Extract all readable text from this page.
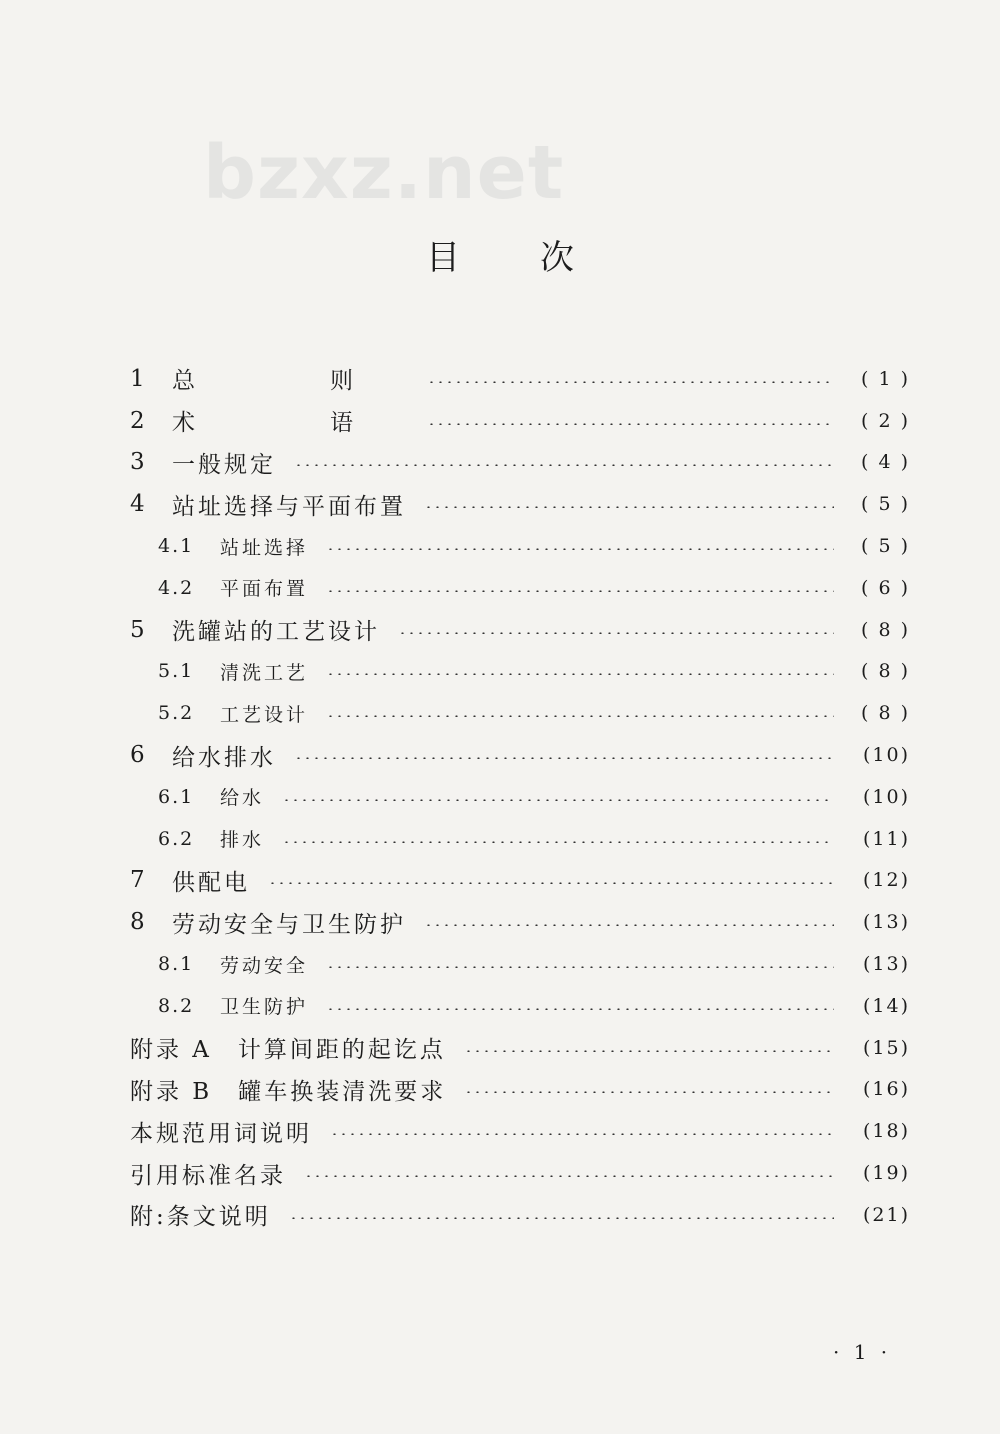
bzxz.net
目 次
1	总　则	( 1 )
2	术　语	( 2 )
3	一般规定	( 4 )
4	站址选择与平面布置	( 5 )
4.1	站址选择	( 5 )
4.2	平面布置	( 6 )
5	洗罐站的工艺设计	( 8 )
5.1	清洗工艺	( 8 )
5.2	工艺设计	( 8 )
6	给水排水	(10)
6.1	给水	(10)
6.2	排水	(11)
7	供配电	(12)
8	劳动安全与卫生防护	(13)
8.1	劳动安全	(13)
8.2	卫生防护	(14)
附录 A　计算间距的起讫点	(15)
附录 B　罐车换装清洗要求	(16)
本规范用词说明	(18)
引用标准名录	(19)
附:条文说明	(21)
· 1 ·
